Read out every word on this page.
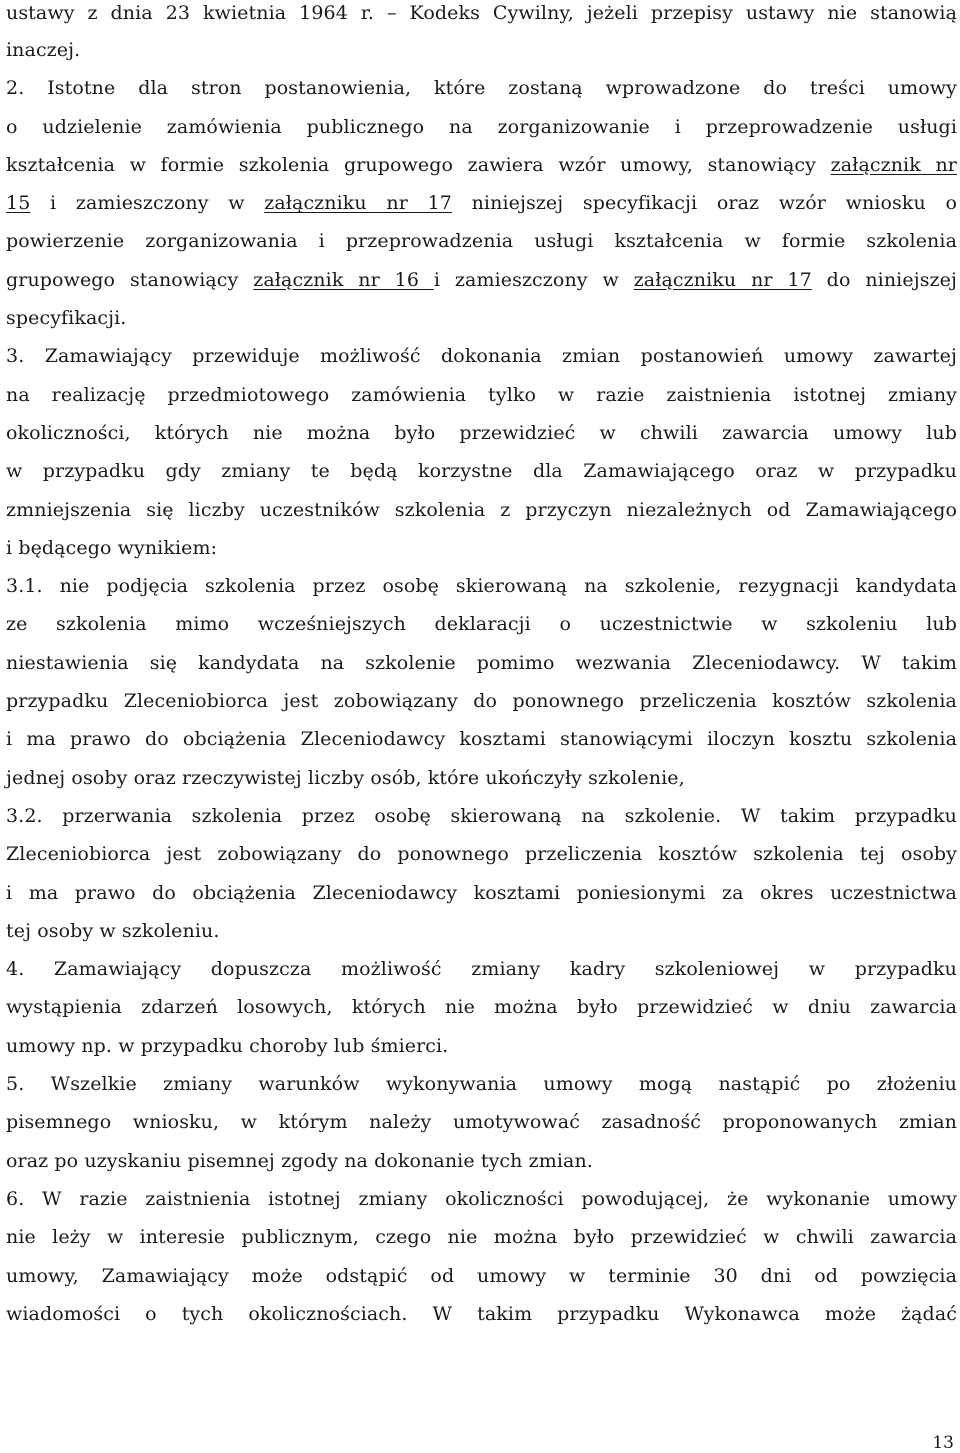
ustawy z dnia 23 kwietnia 1964 r. – Kodeks Cywilny, jeżeli przepisy ustawy nie stanowią
inaczej.
2. Istotne dla stron postanowienia, które zostaną wprowadzone do treści umowy
o udzielenie zamówienia publicznego na zorganizowanie i przeprowadzenie usługi
kształcenia w formie szkolenia grupowego zawiera wzór umowy, stanowiący załącznik nr
15 i zamieszczony w załączniku nr 17 niniejszej specyfikacji oraz wzór wniosku o
powierzenie zorganizowania i przeprowadzenia usługi kształcenia w formie szkolenia
grupowego stanowiący załącznik nr 16 i zamieszczony w załączniku nr 17 do niniejszej
specyfikacji.
3. Zamawiający przewiduje możliwość dokonania zmian postanowień umowy zawartej
na realizację przedmiotowego zamówienia tylko w razie zaistnienia istotnej zmiany
okoliczności, których nie można było przewidzieć w chwili zawarcia umowy lub
w przypadku gdy zmiany te będą korzystne dla Zamawiającego oraz w przypadku
zmniejszenia się liczby uczestników szkolenia z przyczyn niezależnych od Zamawiającego
i będącego wynikiem:
3.1. nie podjęcia szkolenia przez osobę skierowaną na szkolenie, rezygnacji kandydata
ze szkolenia mimo wcześniejszych deklaracji o uczestnictwie w szkoleniu lub
niestawienia się kandydata na szkolenie pomimo wezwania Zleceniodawcy. W takim
przypadku Zleceniobiorca jest zobowiązany do ponownego przeliczenia kosztów szkolenia
i ma prawo do obciążenia Zleceniodawcy kosztami stanowiącymi iloczyn kosztu szkolenia
jednej osoby oraz rzeczywistej liczby osób, które ukończyły szkolenie,
3.2. przerwania szkolenia przez osobę skierowaną na szkolenie. W takim przypadku
Zleceniobiorca jest zobowiązany do ponownego przeliczenia kosztów szkolenia tej osoby
i ma prawo do obciążenia Zleceniodawcy kosztami poniesionymi za okres uczestnictwa
tej osoby w szkoleniu.
4. Zamawiający dopuszcza możliwość zmiany kadry szkoleniowej w przypadku
wystąpienia zdarzeń losowych, których nie można było przewidzieć w dniu zawarcia
umowy np. w przypadku choroby lub śmierci.
5. Wszelkie zmiany warunków wykonywania umowy mogą nastąpić po złożeniu
pisemnego wniosku, w którym należy umotywować zasadność proponowanych zmian
oraz po uzyskaniu pisemnej zgody na dokonanie tych zmian.
6. W razie zaistnienia istotnej zmiany okoliczności powodującej, że wykonanie umowy
nie leży w interesie publicznym, czego nie można było przewidzieć w chwili zawarcia
umowy, Zamawiający może odstąpić od umowy w terminie 30 dni od powzięcia
wiadomości o tych okolicznościach. W takim przypadku Wykonawca może żądać
13
